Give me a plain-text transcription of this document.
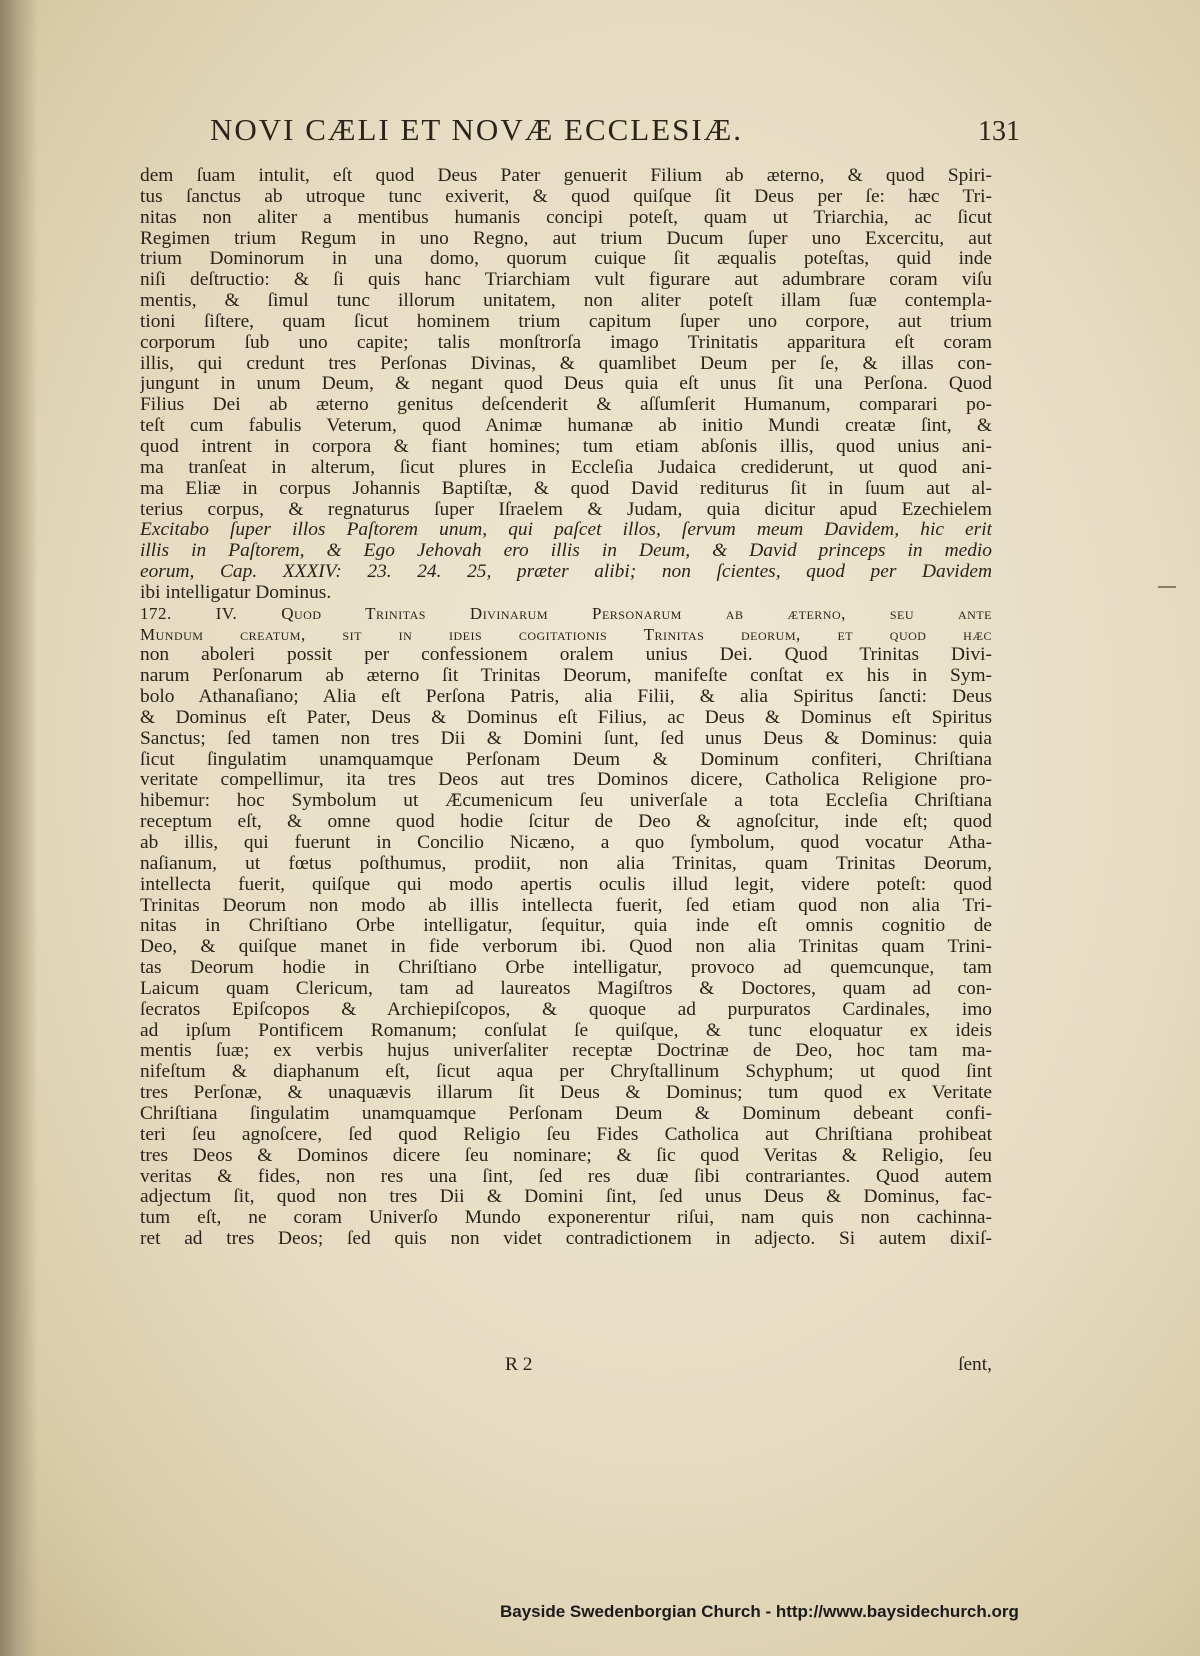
NOVI CÆLI ET NOVÆ ECCLESIÆ.	131
dem ſuam intulit, eſt quod Deus Pater genuerit Filium ab æterno, & quod Spiri-
tus ſanctus ab utroque tunc exiverit, & quod quiſque ſit Deus per ſe: hæc Tri-
nitas non aliter a mentibus humanis concipi poteſt, quam ut Triarchia, ac ſicut
Regimen trium Regum in uno Regno, aut trium Ducum ſuper uno Excercitu, aut
trium Dominorum in una domo, quorum cuique ſit æqualis poteſtas, quid inde
niſi deſtructio: & ſi quis hanc Triarchiam vult figurare aut adumbrare coram viſu
mentis, & ſimul tunc illorum unitatem, non aliter poteſt illam ſuæ contempla-
tioni ſiſtere, quam ſicut hominem trium capitum ſuper uno corpore, aut trium
corporum ſub uno capite; talis monſtrorſa imago Trinitatis apparitura eſt coram
illis, qui credunt tres Perſonas Divinas, & quamlibet Deum per ſe, & illas con-
jungunt in unum Deum, & negant quod Deus quia eſt unus ſit una Perſona. Quod
Filius Dei ab æterno genitus deſcenderit & aſſumſerit Humanum, comparari po-
teſt cum fabulis Veterum, quod Animæ humanæ ab initio Mundi creatæ ſint, &
quod intrent in corpora & fiant homines; tum etiam abſonis illis, quod unius ani-
ma tranſeat in alterum, ſicut plures in Eccleſia Judaica crediderunt, ut quod ani-
ma Eliæ in corpus Johannis Baptiſtæ, & quod David rediturus ſit in ſuum aut al-
terius corpus, & regnaturus ſuper Iſraelem & Judam, quia dicitur apud Ezechielem
Excitabo ſuper illos Paſtorem unum, qui paſcet illos, ſervum meum Davidem, hic erit
illis in Paſtorem, & Ego Jehovah ero illis in Deum, & David princeps in medio
eorum, Cap. XXXIV: 23. 24. 25, præter alibi; non ſcientes, quod per Davidem
ibi intelligatur Dominus.
172. IV. Quod Trinitas Divinarum Perſonarum ab æterno, seu ante
Mundum creatum, sit in ideis cogitationis Trinitas deorum, et quod hæc
non aboleri possit per confessionem oralem unius Dei. Quod Trinitas Divi-
narum Perſonarum ab æterno ſit Trinitas Deorum, manifeſte conſtat ex his in Sym-
bolo Athanaſiano; Alia eſt Perſona Patris, alia Filii, & alia Spiritus ſancti: Deus
& Dominus eſt Pater, Deus & Dominus eſt Filius, ac Deus & Dominus eſt Spiritus
Sanctus; ſed tamen non tres Dii & Domini ſunt, ſed unus Deus & Dominus: quia
ſicut ſingulatim unamquamque Perſonam Deum & Dominum confiteri, Chriſtiana
veritate compellimur, ita tres Deos aut tres Dominos dicere, Catholica Religione pro-
hibemur: hoc Symbolum ut Æcumenicum ſeu univerſale a tota Eccleſia Chriſtiana
receptum eſt, & omne quod hodie ſcitur de Deo & agnoſcitur, inde eſt; quod
ab illis, qui fuerunt in Concilio Nicæno, a quo ſymbolum, quod vocatur Atha-
naſianum, ut fœtus poſthumus, prodiit, non alia Trinitas, quam Trinitas Deorum,
intellecta fuerit, quiſque qui modo apertis oculis illud legit, videre poteſt: quod
Trinitas Deorum non modo ab illis intellecta fuerit, ſed etiam quod non alia Tri-
nitas in Chriſtiano Orbe intelligatur, ſequitur, quia inde eſt omnis cognitio de
Deo, & quiſque manet in fide verborum ibi. Quod non alia Trinitas quam Trini-
tas Deorum hodie in Chriſtiano Orbe intelligatur, provoco ad quemcunque, tam
Laicum quam Clericum, tam ad laureatos Magiſtros & Doctores, quam ad con-
ſecratos Epiſcopos & Archiepiſcopos, & quoque ad purpuratos Cardinales, imo
ad ipſum Pontificem Romanum; conſulat ſe quiſque, & tunc eloquatur ex ideis
mentis ſuæ; ex verbis hujus univerſaliter receptæ Doctrinæ de Deo, hoc tam ma-
nifeſtum & diaphanum eſt, ſicut aqua per Chryſtallinum Schyphum; ut quod ſint
tres Perſonæ, & unaquævis illarum ſit Deus & Dominus; tum quod ex Veritate
Chriſtiana ſingulatim unamquamque Perſonam Deum & Dominum debeant confi-
teri ſeu agnoſcere, ſed quod Religio ſeu Fides Catholica aut Chriſtiana prohibeat
tres Deos & Dominos dicere ſeu nominare; & ſic quod Veritas & Religio, ſeu
veritas & fides, non res una ſint, ſed res duæ ſibi contrariantes. Quod autem
adjectum ſit, quod non tres Dii & Domini ſint, ſed unus Deus & Dominus, fac-
tum eſt, ne coram Univerſo Mundo exponerentur riſui, nam quis non cachinna-
ret ad tres Deos; ſed quis non videt contradictionem in adjecto. Si autem dixiſ-
R 2	ſent,
Bayside Swedenborgian Church - http://www.baysidechurch.org
